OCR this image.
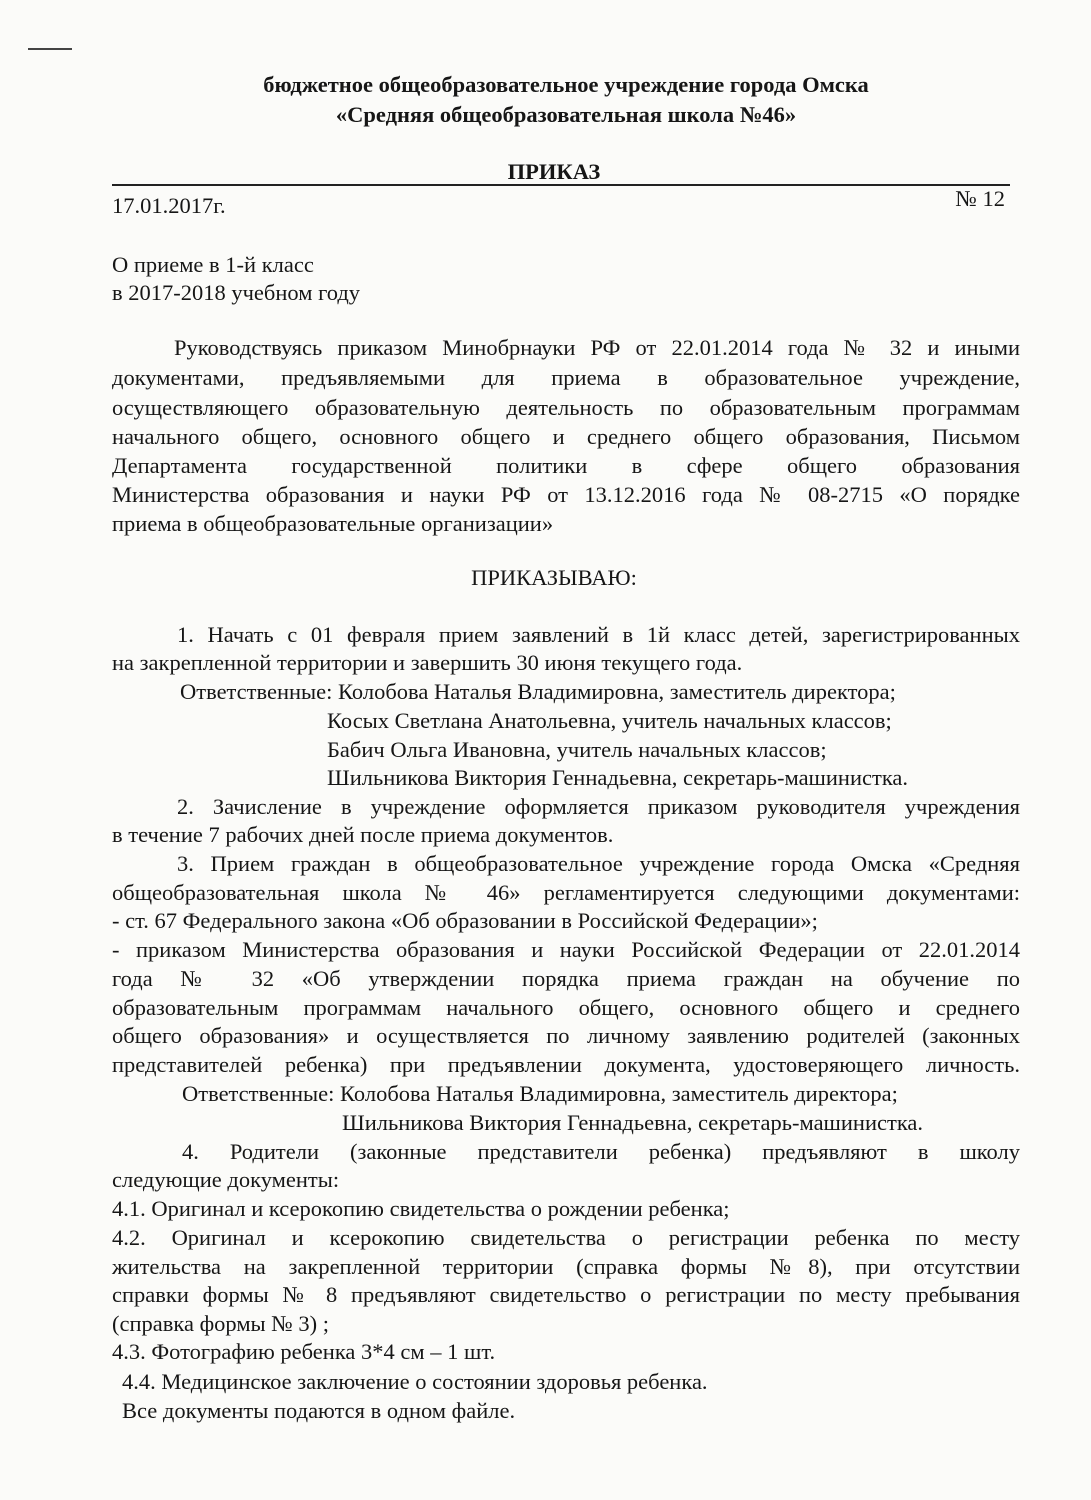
бюджетное общеобразовательное учреждение города Омска
«Средняя общеобразовательная школа №46»
ПРИКАЗ
17.01.2017г.	№ 12
О приеме в 1-й класс
в 2017-2018 учебном году
Руководствуясь приказом Минобрнауки РФ от 22.01.2014 года № 32 и иными
документами, предъявляемыми для приема в образовательное учреждение,
осуществляющего образовательную деятельность по образовательным программам
начального общего, основного общего и среднего общего образования, Письмом
Департамента государственной политики в сфере общего образования
Министерства образования и науки РФ от 13.12.2016 года № 08-2715 «О порядке
приема в общеобразовательные организации»
ПРИКАЗЫВАЮ:
1. Начать с 01 февраля прием заявлений в 1й класс детей, зарегистрированных
на закрепленной территории и завершить 30 июня текущего года.
Ответственные: Колобова Наталья Владимировна, заместитель директора;
Косых Светлана Анатольевна, учитель начальных классов;
Бабич Ольга Ивановна, учитель начальных классов;
Шильникова Виктория Геннадьевна, секретарь-машинистка.
2. Зачисление в учреждение оформляется приказом руководителя учреждения
в течение 7 рабочих дней после приема документов.
3. Прием граждан в общеобразовательное учреждение города Омска «Средняя
общеобразовательная школа № 46» регламентируется следующими документами:
- ст. 67 Федерального закона «Об образовании в Российской Федерации»;
- приказом Министерства образования и науки Российской Федерации от 22.01.2014
года № 32 «Об утверждении порядка приема граждан на обучение по
образовательным программам начального общего, основного общего и среднего
общего образования» и осуществляется по личному заявлению родителей (законных
представителей ребенка) при предъявлении документа, удостоверяющего личность.
Ответственные: Колобова Наталья Владимировна, заместитель директора;
Шильникова Виктория Геннадьевна, секретарь-машинистка.
4. Родители (законные представители ребенка) предъявляют в школу
следующие документы:
4.1. Оригинал и ксерокопию свидетельства о рождении ребенка;
4.2. Оригинал и ксерокопию свидетельства о регистрации ребенка по месту
жительства на закрепленной территории (справка формы №8), при отсутствии
справки формы № 8 предъявляют свидетельство о регистрации по месту пребывания
(справка формы № 3) ;
4.3. Фотографию ребенка 3*4 см – 1 шт.
4.4. Медицинское заключение о состоянии здоровья ребенка.
Все документы подаются в одном файле.
